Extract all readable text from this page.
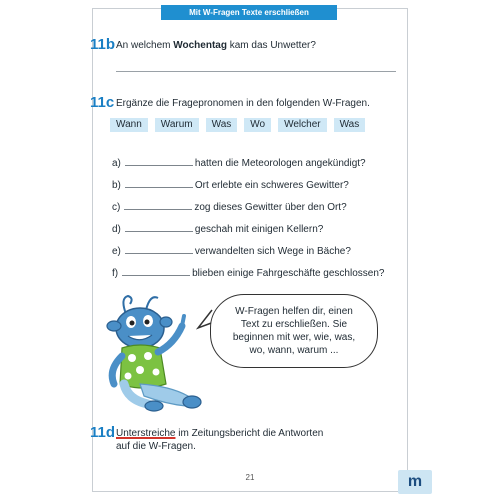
Mit W-Fragen Texte erschließen
11b An welchem Wochentag kam das Unwetter?
11c Ergänze die Fragepronomen in den folgenden W-Fragen.
Wann	Warum	Was	Wo	Welcher	Was
a)	hatten die Meteorologen angekündigt?
b)	Ort erlebte ein schweres Gewitter?
c)	zog dieses Gewitter über den Ort?
d)	geschah mit einigen Kellern?
e)	verwandelten sich Wege in Bäche?
f)	blieben einige Fahrgeschäfte geschlossen?
W-Fragen helfen dir, einen
Text zu erschließen. Sie
beginnen mit wer, wie, was,
wo, wann, warum ...
11d Unterstreiche im Zeitungsbericht die Antworten
auf die W-Fragen.
21	m
